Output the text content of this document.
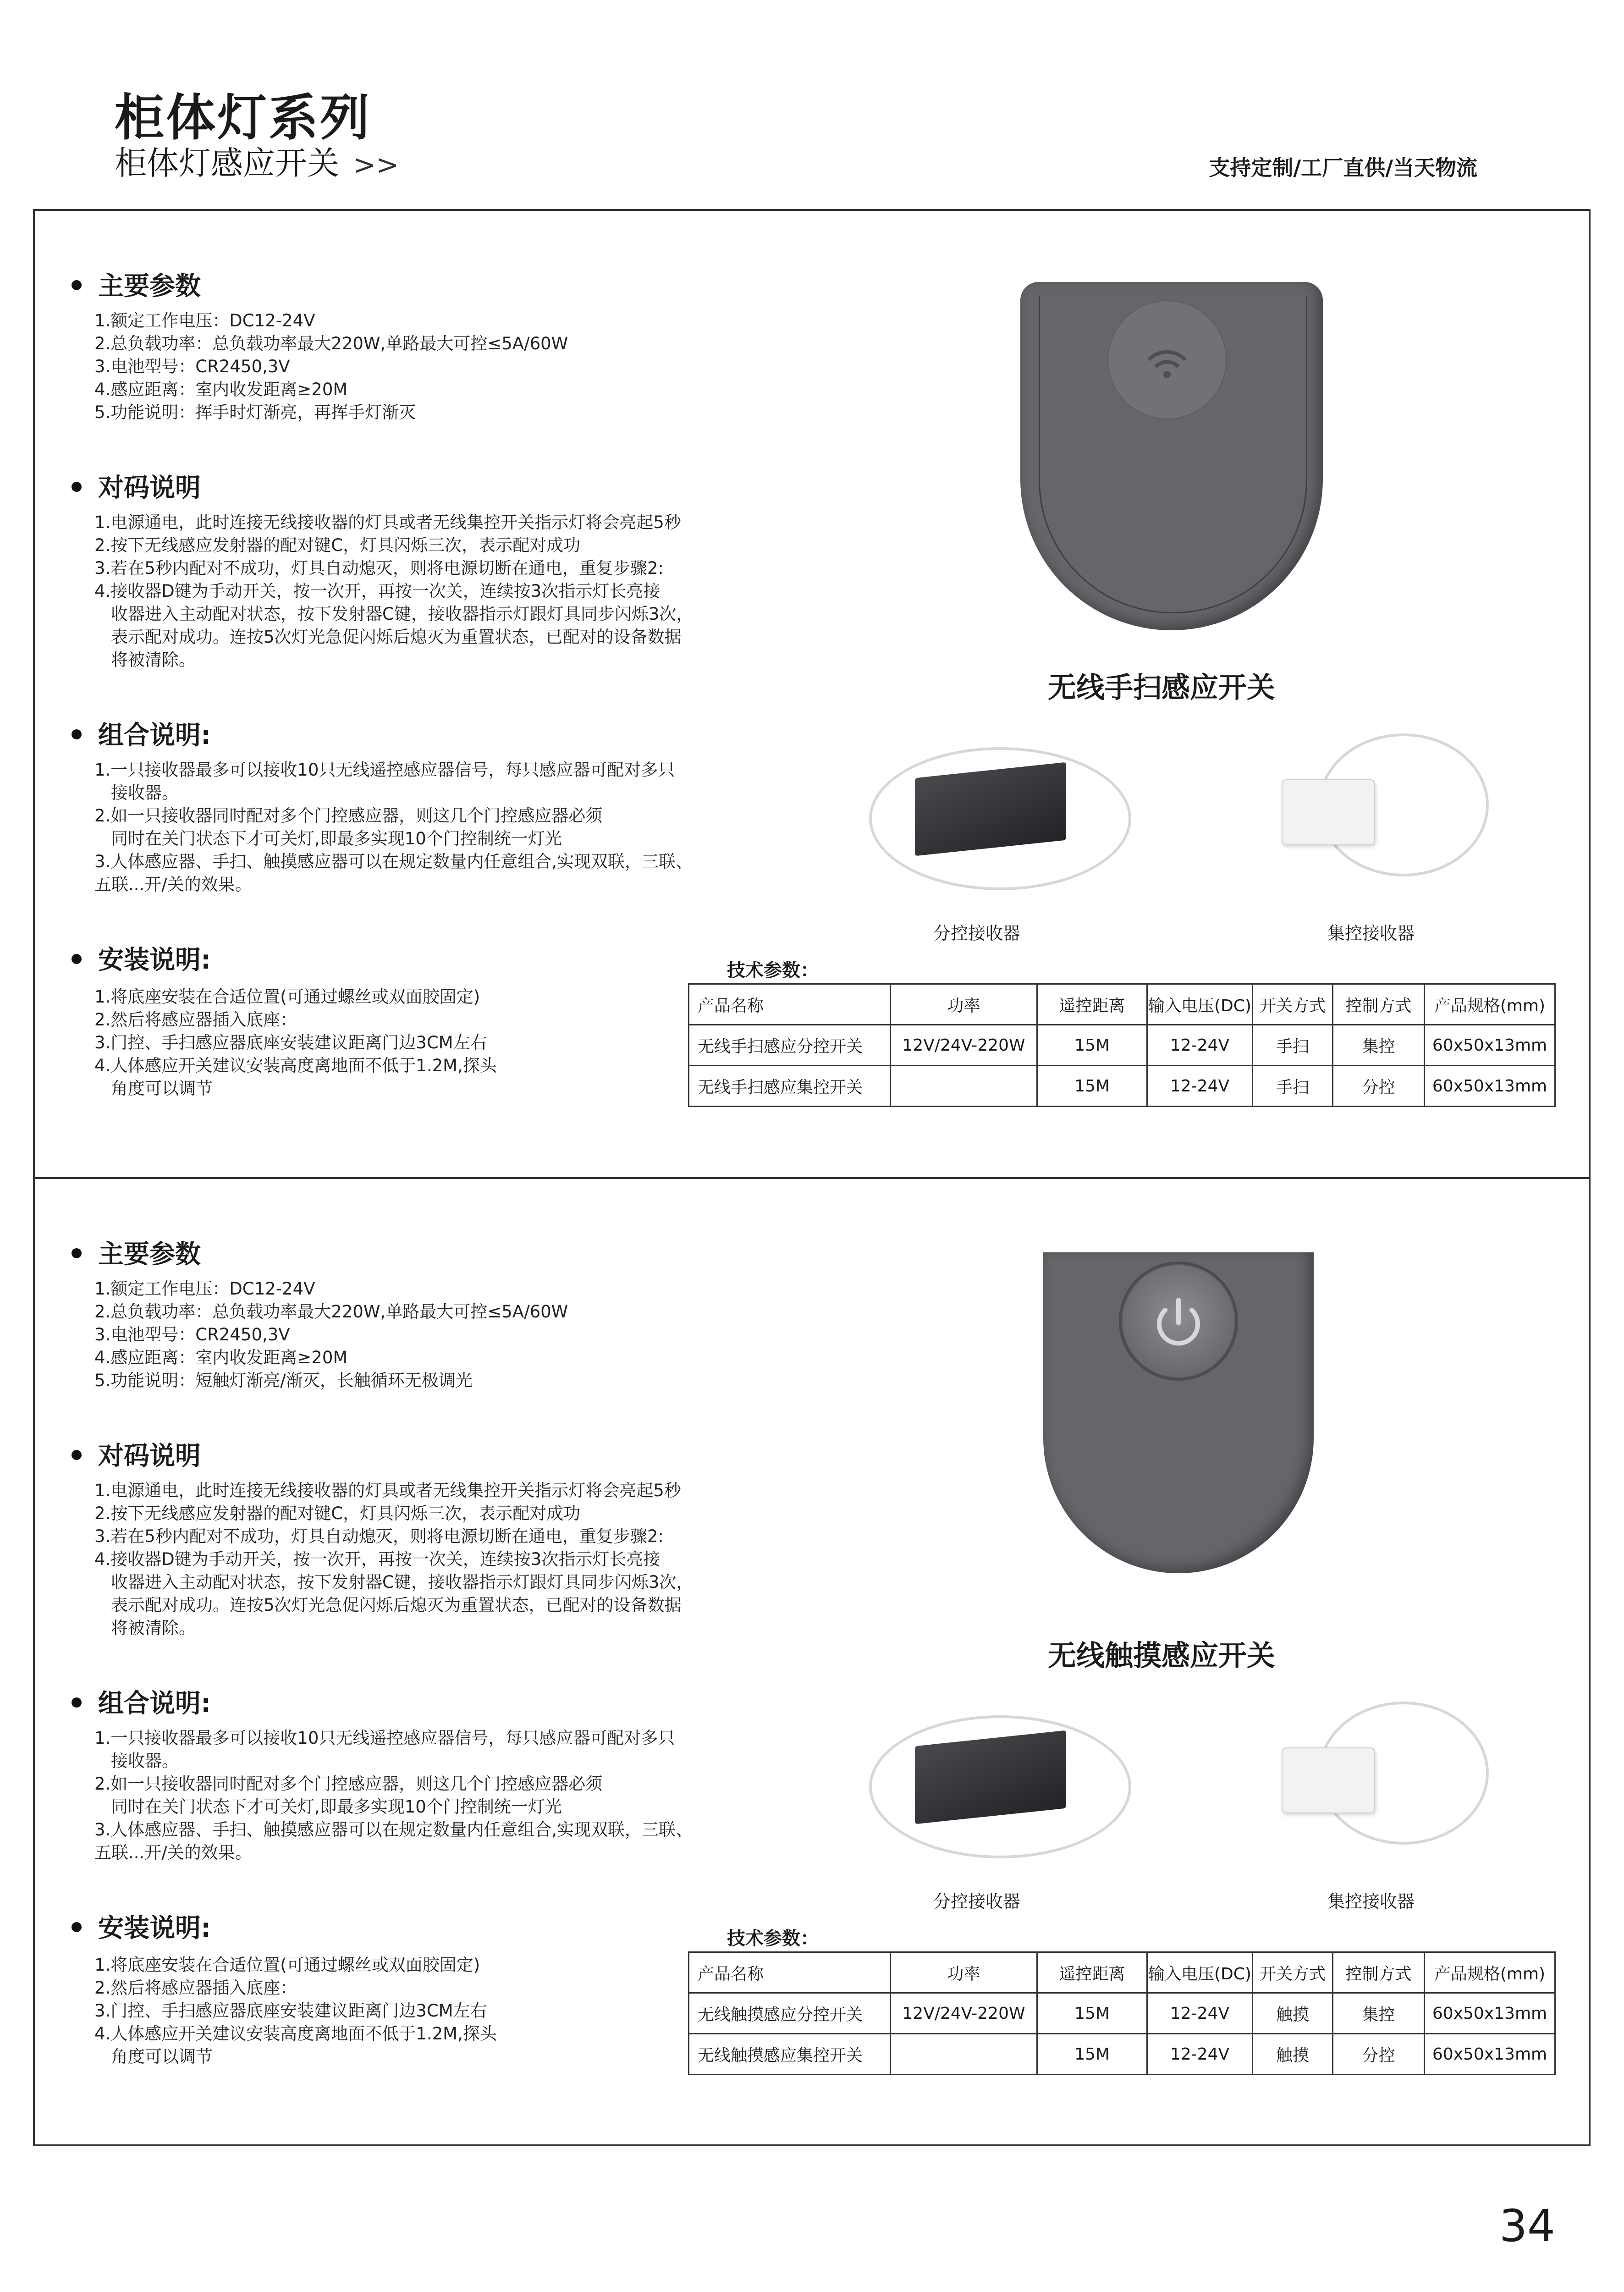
柜体灯系列
柜体灯感应开关 >>	支持定制/工厂直供/当天物流
主要参数
1.额定工作电压：DC12-24V
2.总负载功率：总负载功率最大220W,单路最大可控≤5A/60W
3.电池型号：CR2450,3V
4.感应距离：室内收发距离≥20M
5.功能说明：挥手时灯渐亮，再挥手灯渐灭
对码说明
1.电源通电，此时连接无线接收器的灯具或者无线集控开关指示灯将会亮起5秒
2.按下无线感应发射器的配对键C，灯具闪烁三次，表示配对成功
3.若在5秒内配对不成功，灯具自动熄灭，则将电源切断在通电，重复步骤2:
4.接收器D键为手动开关，按一次开，再按一次关，连续按3次指示灯长亮接
收器进入主动配对状态，按下发射器C键，接收器指示灯跟灯具同步闪烁3次，
表示配对成功。连按5次灯光急促闪烁后熄灭为重置状态，已配对的设备数据
将被清除。
组合说明:
1.一只接收器最多可以接收10只无线遥控感应器信号，每只感应器可配对多只
接收器。
2.如一只接收器同时配对多个门控感应器，则这几个门控感应器必须
同时在关门状态下才可关灯,即最多实现10个门控制统一灯光
3.人体感应器、手扫、触摸感应器可以在规定数量内任意组合,实现双联，三联、
五联...开/关的效果。
安装说明:
1.将底座安装在合适位置(可通过螺丝或双面胶固定)
2.然后将感应器插入底座：
3.门控、手扫感应器底座安装建议距离门边3CM左右
4.人体感应开关建议安装高度离地面不低于1.2M,探头
角度可以调节
无线手扫感应开关
分控接收器	集控接收器
技术参数：
产品名称	功率	遥控距离	输入电压(DC)	开关方式	控制方式	产品规格(mm)
无线手扫感应分控开关	12V/24V-220W	15M	12-24V	手扫	集控	60x50x13mm
无线手扫感应集控开关		15M	12-24V	手扫	分控	60x50x13mm
主要参数
1.额定工作电压：DC12-24V
2.总负载功率：总负载功率最大220W,单路最大可控≤5A/60W
3.电池型号：CR2450,3V
4.感应距离：室内收发距离≥20M
5.功能说明：短触灯渐亮/渐灭，长触循环无极调光
对码说明
1.电源通电，此时连接无线接收器的灯具或者无线集控开关指示灯将会亮起5秒
2.按下无线感应发射器的配对键C，灯具闪烁三次，表示配对成功
3.若在5秒内配对不成功，灯具自动熄灭，则将电源切断在通电，重复步骤2:
4.接收器D键为手动开关，按一次开，再按一次关，连续按3次指示灯长亮接
收器进入主动配对状态，按下发射器C键，接收器指示灯跟灯具同步闪烁3次，
表示配对成功。连按5次灯光急促闪烁后熄灭为重置状态，已配对的设备数据
将被清除。
组合说明:
1.一只接收器最多可以接收10只无线遥控感应器信号，每只感应器可配对多只
接收器。
2.如一只接收器同时配对多个门控感应器，则这几个门控感应器必须
同时在关门状态下才可关灯,即最多实现10个门控制统一灯光
3.人体感应器、手扫、触摸感应器可以在规定数量内任意组合,实现双联，三联、
五联...开/关的效果。
安装说明:
1.将底座安装在合适位置(可通过螺丝或双面胶固定)
2.然后将感应器插入底座：
3.门控、手扫感应器底座安装建议距离门边3CM左右
4.人体感应开关建议安装高度离地面不低于1.2M,探头
角度可以调节
无线触摸感应开关
分控接收器	集控接收器
技术参数：
产品名称	功率	遥控距离	输入电压(DC)	开关方式	控制方式	产品规格(mm)
无线触摸感应分控开关	12V/24V-220W	15M	12-24V	触摸	集控	60x50x13mm
无线触摸感应集控开关		15M	12-24V	触摸	分控	60x50x13mm
34
